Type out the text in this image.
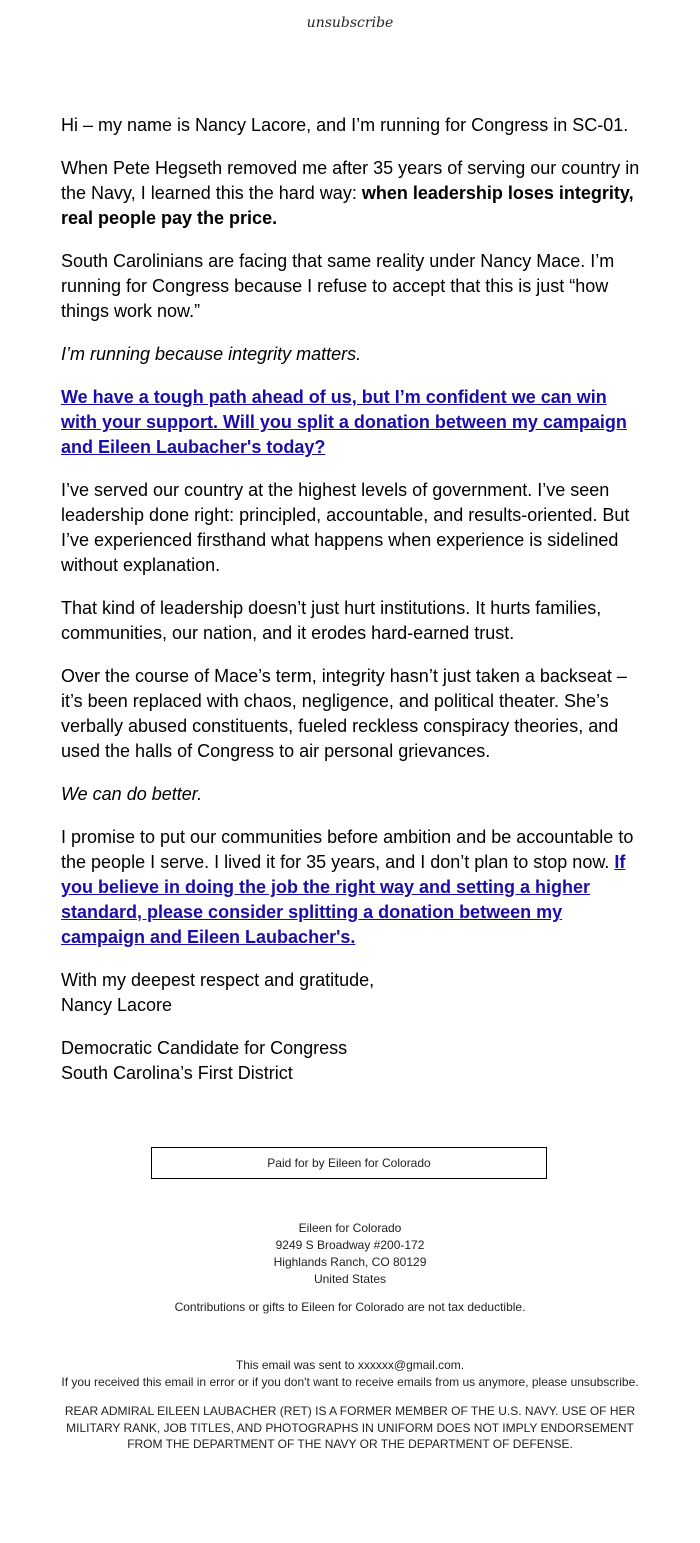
unsubscribe

Hi – my name is Nancy Lacore, and I’m running for Congress in SC-01.

When Pete Hegseth removed me after 35 years of serving our country in the Navy, I learned this the hard way: when leadership loses integrity, real people pay the price.

South Carolinians are facing that same reality under Nancy Mace. I’m running for Congress because I refuse to accept that this is just “how things work now.”

I’m running because integrity matters.

We have a tough path ahead of us, but I’m confident we can win with your support. Will you split a donation between my campaign and Eileen Laubacher's today?

I’ve served our country at the highest levels of government. I’ve seen leadership done right: principled, accountable, and results-oriented. But I’ve experienced firsthand what happens when experience is sidelined without explanation.

That kind of leadership doesn’t just hurt institutions. It hurts families, communities, our nation, and it erodes hard-earned trust.

Over the course of Mace’s term, integrity hasn’t just taken a backseat – it’s been replaced with chaos, negligence, and political theater. She’s verbally abused constituents, fueled reckless conspiracy theories, and used the halls of Congress to air personal grievances.

We can do better.

I promise to put our communities before ambition and be accountable to the people I serve. I lived it for 35 years, and I don’t plan to stop now. If you believe in doing the job the right way and setting a higher standard, please consider splitting a donation between my campaign and Eileen Laubacher's.

With my deepest respect and gratitude,
Nancy Lacore

Democratic Candidate for Congress
South Carolina’s First District

Paid for by Eileen for Colorado
Eileen for Colorado
9249 S Broadway #200-172
Highlands Ranch, CO 80129
United States
Contributions or gifts to Eileen for Colorado are not tax deductible.
This email was sent to xxxxxx@gmail.com.
If you received this email in error or if you don't want to receive emails from us anymore, please unsubscribe.
REAR ADMIRAL EILEEN LAUBACHER (RET) IS A FORMER MEMBER OF THE U.S. NAVY. USE OF HER MILITARY RANK, JOB TITLES, AND PHOTOGRAPHS IN UNIFORM DOES NOT IMPLY ENDORSEMENT FROM THE DEPARTMENT OF THE NAVY OR THE DEPARTMENT OF DEFENSE.
